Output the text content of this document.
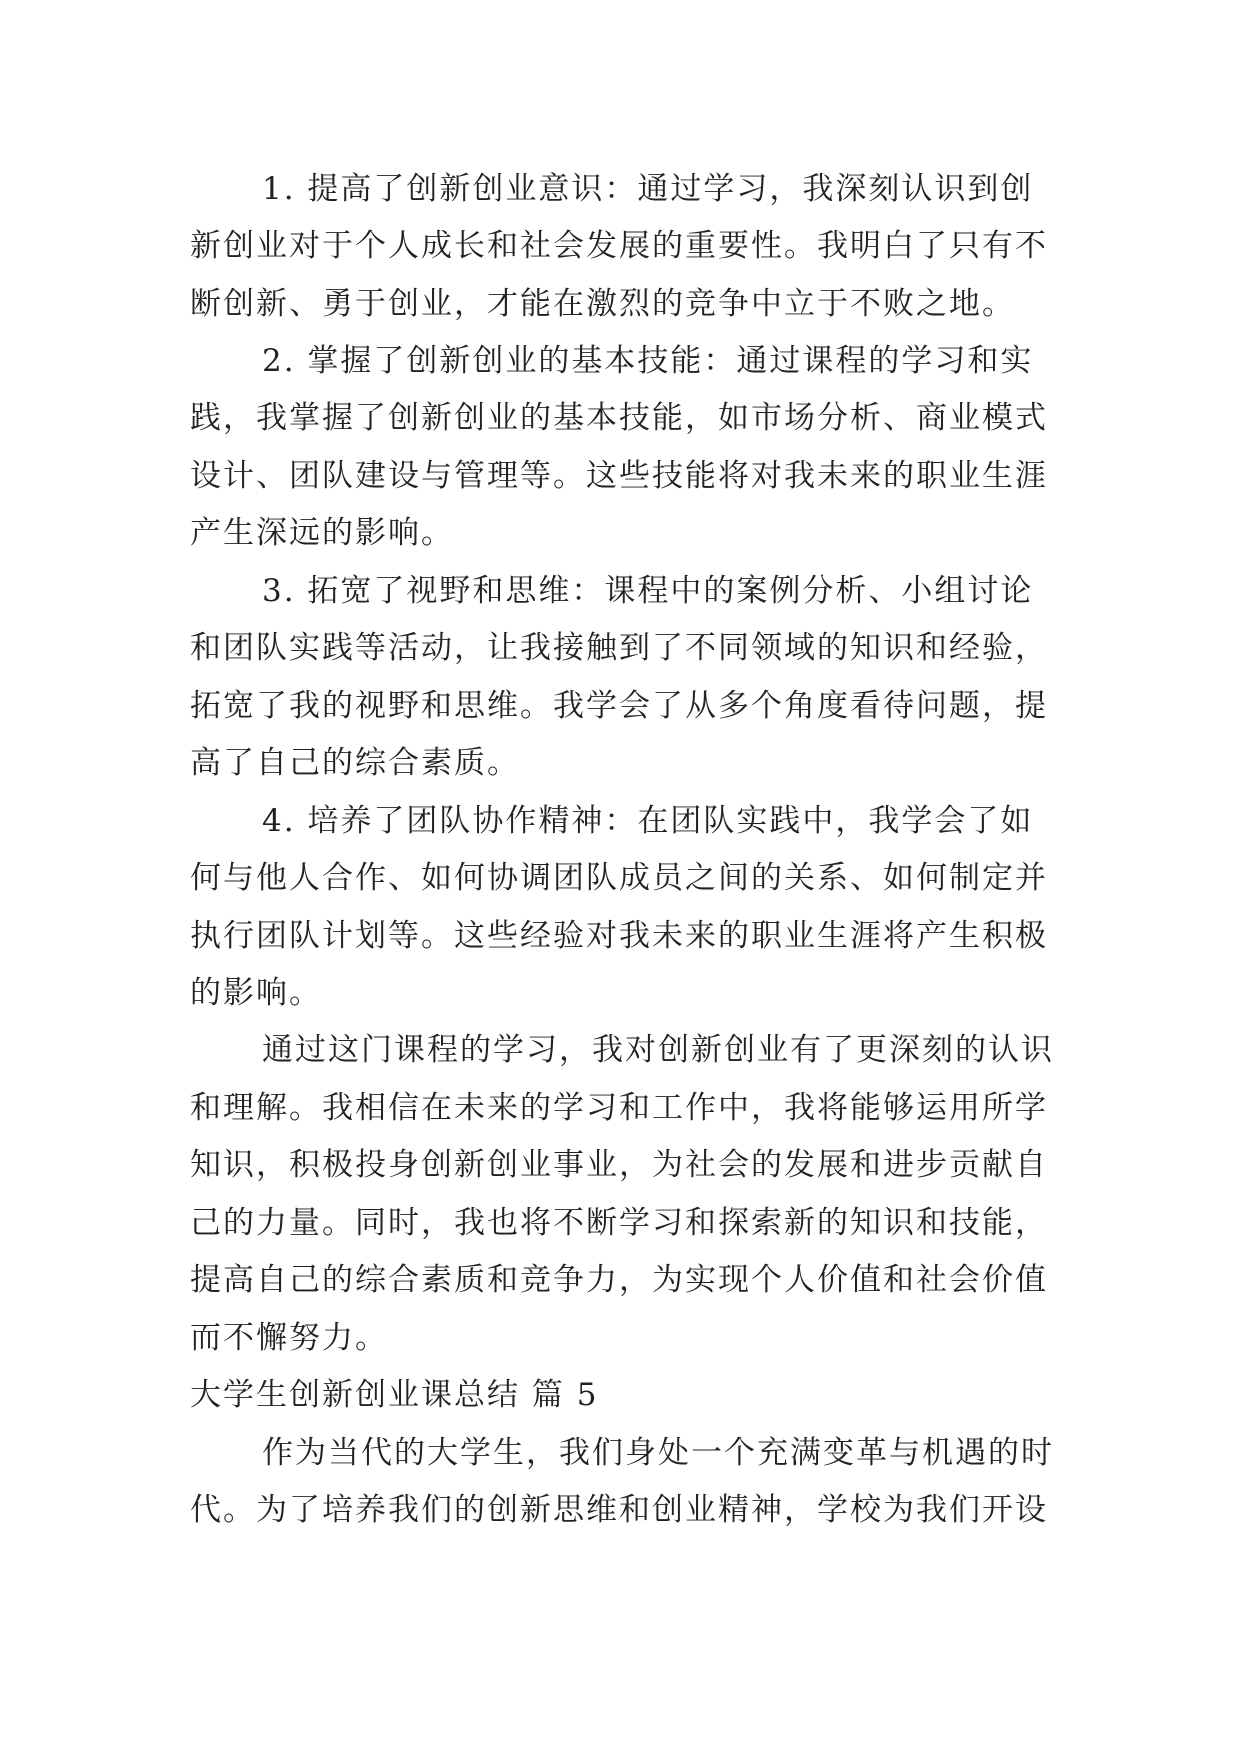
1. 提高了创新创业意识：通过学习，我深刻认识到创

新创业对于个人成长和社会发展的重要性。我明白了只有不

断创新、勇于创业，才能在激烈的竞争中立于不败之地。

2. 掌握了创新创业的基本技能：通过课程的学习和实

践，我掌握了创新创业的基本技能，如市场分析、商业模式

设计、团队建设与管理等。这些技能将对我未来的职业生涯

产生深远的影响。

3. 拓宽了视野和思维：课程中的案例分析、小组讨论

和团队实践等活动，让我接触到了不同领域的知识和经验，

拓宽了我的视野和思维。我学会了从多个角度看待问题，提

高了自己的综合素质。

4. 培养了团队协作精神：在团队实践中，我学会了如

何与他人合作、如何协调团队成员之间的关系、如何制定并

执行团队计划等。这些经验对我未来的职业生涯将产生积极

的影响。

通过这门课程的学习，我对创新创业有了更深刻的认识

和理解。我相信在未来的学习和工作中，我将能够运用所学

知识，积极投身创新创业事业，为社会的发展和进步贡献自

己的力量。同时，我也将不断学习和探索新的知识和技能，

提高自己的综合素质和竞争力，为实现个人价值和社会价值

而不懈努力。

大学生创新创业课总结 篇 5

作为当代的大学生，我们身处一个充满变革与机遇的时

代。为了培养我们的创新思维和创业精神，学校为我们开设
